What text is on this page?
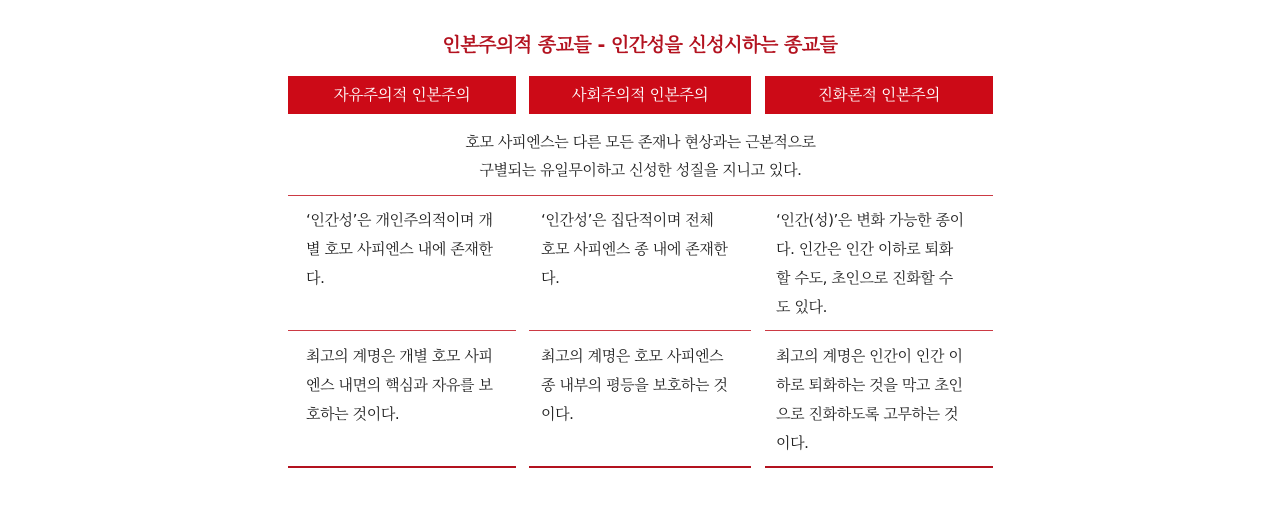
인본주의적 종교들 - 인간성을 신성시하는 종교들
자유주의적 인본주의	사회주의적 인본주의	진화론적 인본주의
호모 사피엔스는 다른 모든 존재나 현상과는 근본적으로
구별되는 유일무이하고 신성한 성질을 지니고 있다.
‘인간성’은 개인주의적이며 개
별 호모 사피엔스 내에 존재한
다.
‘인간성’은 집단적이며 전체
호모 사피엔스 종 내에 존재한
다.
‘인간(성)’은 변화 가능한 종이
다. 인간은 인간 이하로 퇴화
할 수도, 초인으로 진화할 수
도 있다.
최고의 계명은 개별 호모 사피
엔스 내면의 핵심과 자유를 보
호하는 것이다.
최고의 계명은 호모 사피엔스
종 내부의 평등을 보호하는 것
이다.
최고의 계명은 인간이 인간 이
하로 퇴화하는 것을 막고 초인
으로 진화하도록 고무하는 것
이다.
